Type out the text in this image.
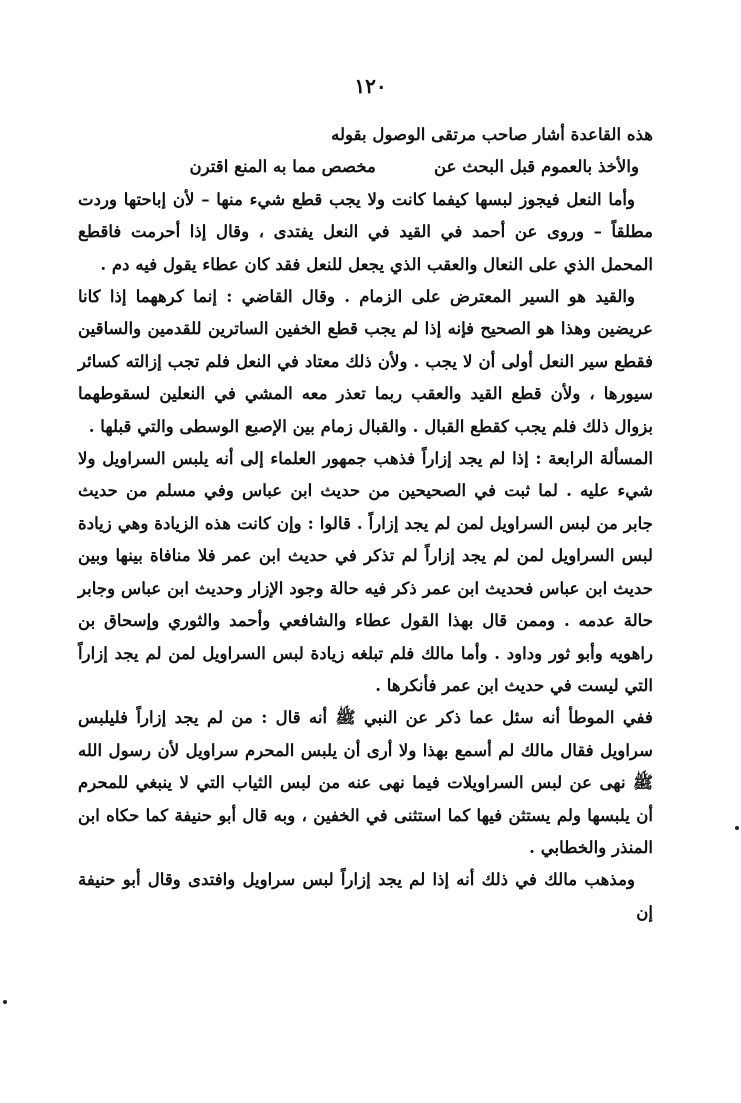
١٢٠

هذه القاعدة أشار صاحب مرتقى الوصول بقوله

والأخذ بالعموم قبل البحث عن
مخصص مما به المنع اقترن

وأما النعل فيجوز لبسها كيفما كانت ولا يجب قطع شيء منها – لأن إباحتها وردت مطلقاً – وروى عن أحمد في القيد في النعل يفتدى ، وقال إذا أحرمت فاقطع المحمل الذي على النعال والعقب الذي يجعل للنعل فقد كان عطاء يقول فيه دم .

والقيد هو السير المعترض على الزمام . وقال القاضي : إنما كرههما إذا كانا عريضين وهذا هو الصحيح فإنه إذا لم يجب قطع الخفين الساترين للقدمين والساقين فقطع سير النعل أولى أن لا يجب . ولأن ذلك معتاد في النعل فلم تجب إزالته كسائر سيورها ، ولأن قطع القيد والعقب ربما تعذر معه المشي في النعلين لسقوطهما بزوال ذلك فلم يجب كقطع القبال . والقبال زمام بين الإصبع الوسطى والتي قبلها .

المسألة الرابعة : إذا لم يجد إزاراً فذهب جمهور العلماء إلى أنه يلبس السراويل ولا شيء عليه . لما ثبت في الصحيحين من حديث ابن عباس وفي مسلم من حديث جابر من لبس السراويل لمن لم يجد إزاراً . قالوا : وإن كانت هذه الزيادة وهي زيادة لبس السراويل لمن لم يجد إزاراً لم تذكر في حديث ابن عمر فلا منافاة بينها وبين حديث ابن عباس فحديث ابن عمر ذكر فيه حالة وجود الإزار وحديث ابن عباس وجابر حالة عدمه . وممن قال بهذا القول عطاء والشافعي وأحمد والثوري وإسحاق بن راهويه وأبو ثور وداود . وأما مالك فلم تبلغه زيادة لبس السراويل لمن لم يجد إزاراً التي ليست في حديث ابن عمر فأنكرها .

ففي الموطأ أنه سئل عما ذكر عن النبي ﷺ أنه قال : من لم يجد إزاراً فليلبس سراويل فقال مالك لم أسمع بهذا ولا أرى أن يلبس المحرم سراويل لأن رسول الله ﷺ نهى عن لبس السراويلات فيما نهى عنه من لبس الثياب التي لا ينبغي للمحرم أن يلبسها ولم يستثن فيها كما استثنى في الخفين ، وبه قال أبو حنيفة كما حكاه ابن المنذر والخطابي .

ومذهب مالك في ذلك أنه إذا لم يجد إزاراً لبس سراويل وافتدى وقال أبو حنيفة إن
